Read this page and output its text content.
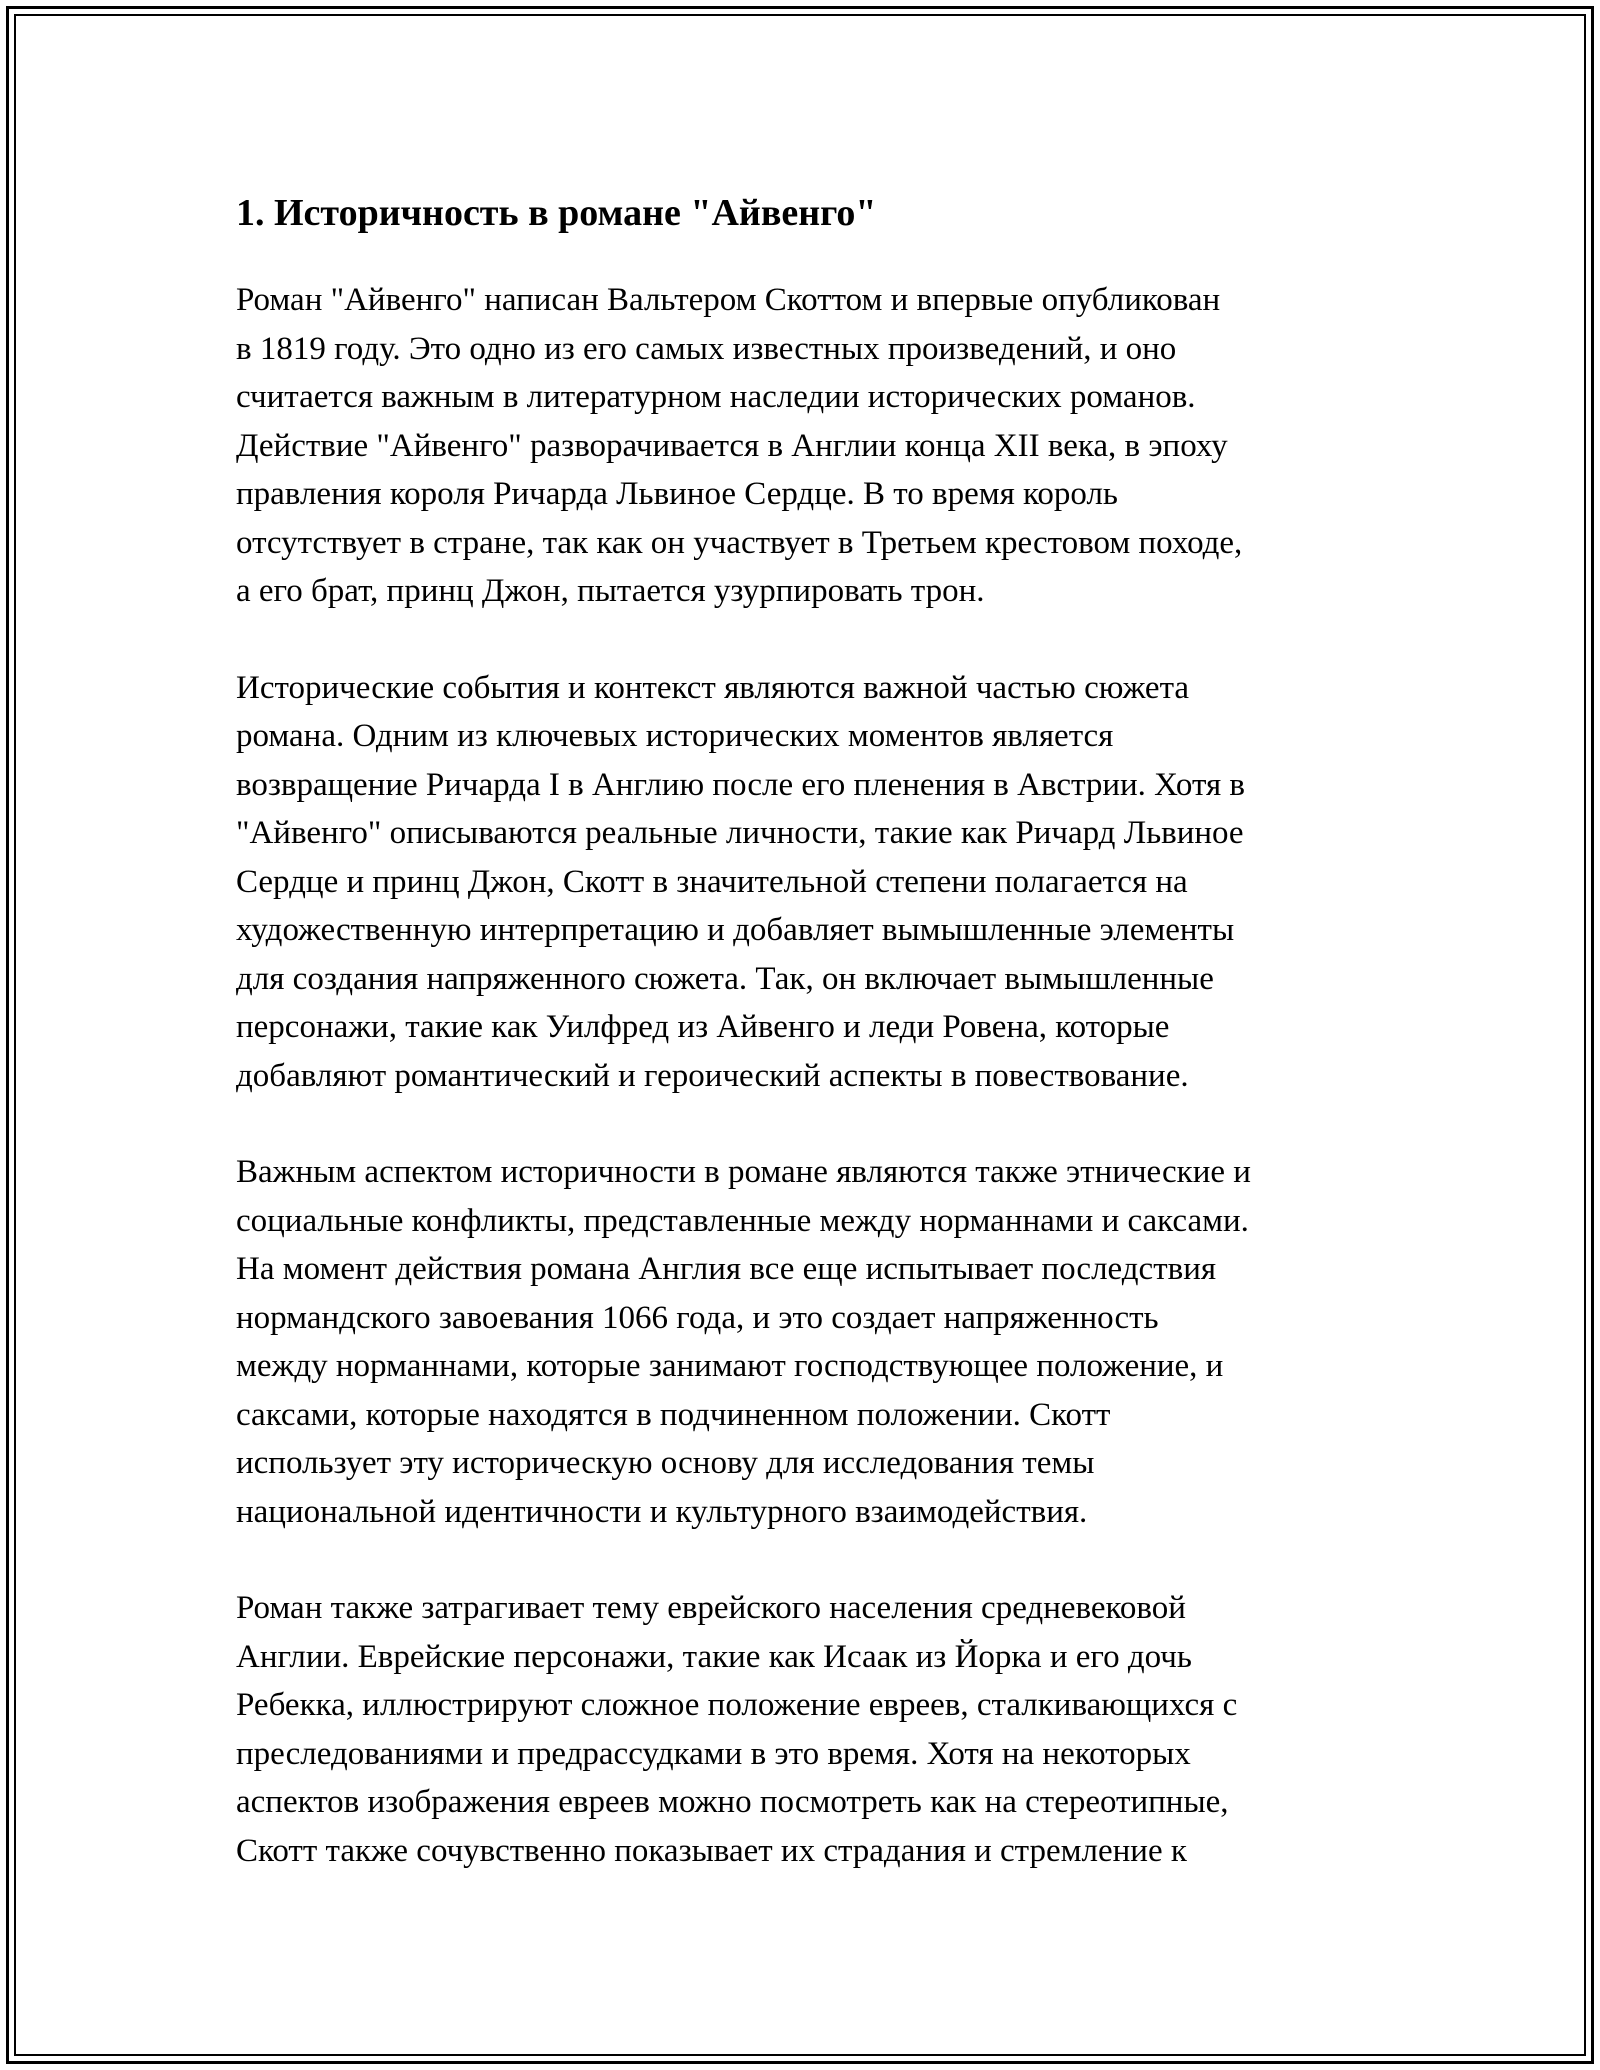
1. Историчность в романе "Айвенго"

Роман "Айвенго" написан Вальтером Скоттом и впервые опубликован
в 1819 году. Это одно из его самых известных произведений, и оно
считается важным в литературном наследии исторических романов.
Действие "Айвенго" разворачивается в Англии конца XII века, в эпоху
правления короля Ричарда Львиное Сердце. В то время король
отсутствует в стране, так как он участвует в Третьем крестовом походе,
а его брат, принц Джон, пытается узурпировать трон.

Исторические события и контекст являются важной частью сюжета
романа. Одним из ключевых исторических моментов является
возвращение Ричарда I в Англию после его пленения в Австрии. Хотя в
"Айвенго" описываются реальные личности, такие как Ричард Львиное
Сердце и принц Джон, Скотт в значительной степени полагается на
художественную интерпретацию и добавляет вымышленные элементы
для создания напряженного сюжета. Так, он включает вымышленные
персонажи, такие как Уилфред из Айвенго и леди Ровена, которые
добавляют романтический и героический аспекты в повествование.

Важным аспектом историчности в романе являются также этнические и
социальные конфликты, представленные между норманнами и саксами.
На момент действия романа Англия все еще испытывает последствия
нормандского завоевания 1066 года, и это создает напряженность
между норманнами, которые занимают господствующее положение, и
саксами, которые находятся в подчиненном положении. Скотт
использует эту историческую основу для исследования темы
национальной идентичности и культурного взаимодействия.

Роман также затрагивает тему еврейского населения средневековой
Англии. Еврейские персонажи, такие как Исаак из Йорка и его дочь
Ребекка, иллюстрируют сложное положение евреев, сталкивающихся с
преследованиями и предрассудками в это время. Хотя на некоторых
аспектов изображения евреев можно посмотреть как на стереотипные,
Скотт также сочувственно показывает их страдания и стремление к
